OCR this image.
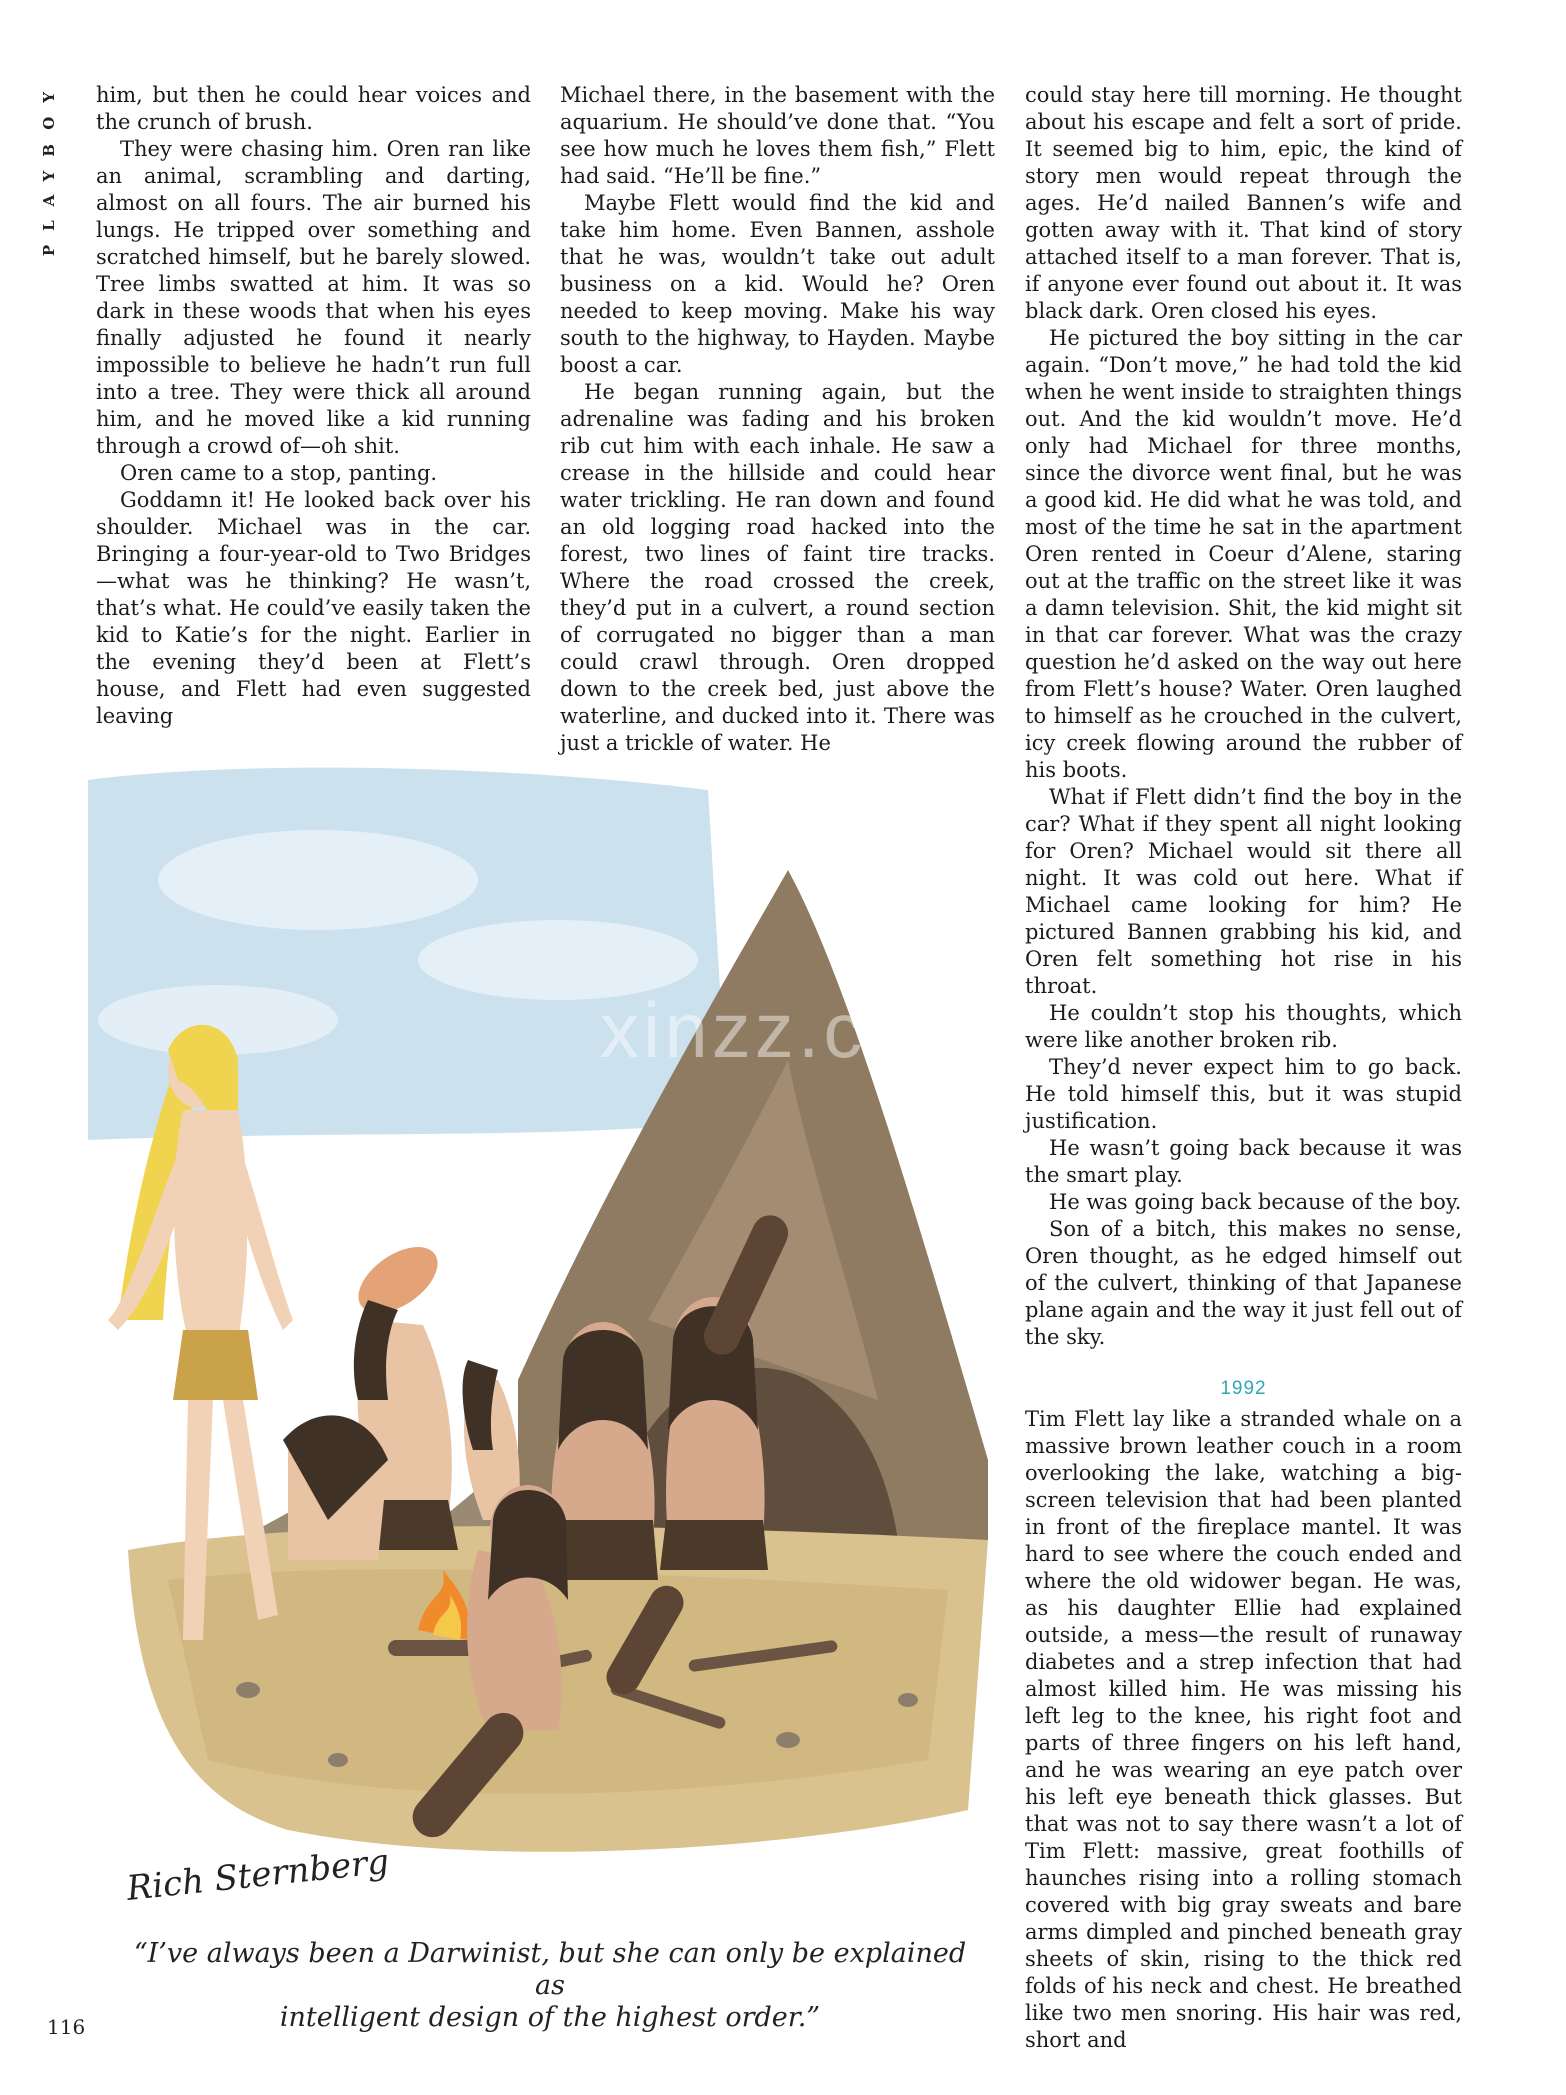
PLAYBOY him, but then he could hear voices and the crunch of brush.

They were chasing him. Oren ran like an animal, scrambling and darting, almost on all fours. The air burned his lungs. He tripped over something and scratched himself, but he barely slowed. Tree limbs swatted at him. It was so dark in these woods that when his eyes finally adjusted he found it nearly impossible to believe he hadn’t run full into a tree. They were thick all around him, and he moved like a kid running through a crowd of—oh shit.

Oren came to a stop, panting.

Goddamn it! He looked back over his shoulder. Michael was in the car. Bringing a four-year-old to Two Bridges—what was he thinking? He wasn’t, that’s what. He could’ve easily taken the kid to Katie’s for the night. Earlier in the evening they’d been at Flett’s house, and Flett had even suggested leaving

Michael there, in the basement with the aquarium. He should’ve done that. “You see how much he loves them fish,” Flett had said. “He’ll be fine.”

Maybe Flett would find the kid and take him home. Even Bannen, asshole that he was, wouldn’t take out adult business on a kid. Would he? Oren needed to keep moving. Make his way south to the highway, to Hayden. Maybe boost a car.

He began running again, but the adrenaline was fading and his broken rib cut him with each inhale. He saw a crease in the hillside and could hear water trickling. He ran down and found an old logging road hacked into the forest, two lines of faint tire tracks. Where the road crossed the creek, they’d put in a culvert, a round section of corrugated no bigger than a man could crawl through. Oren dropped down to the creek bed, just above the waterline, and ducked into it. There was just a trickle of water. He

could stay here till morning. He thought about his escape and felt a sort of pride. It seemed big to him, epic, the kind of story men would repeat through the ages. He’d nailed Bannen’s wife and gotten away with it. That kind of story attached itself to a man forever. That is, if anyone ever found out about it. It was black dark. Oren closed his eyes.

He pictured the boy sitting in the car again. “Don’t move,” he had told the kid when he went inside to straighten things out. And the kid wouldn’t move. He’d only had Michael for three months, since the divorce went final, but he was a good kid. He did what he was told, and most of the time he sat in the apartment Oren rented in Coeur d’Alene, staring out at the traffic on the street like it was a damn television. Shit, the kid might sit in that car forever. What was the crazy question he’d asked on the way out here from Flett’s house? Water. Oren laughed to himself as he crouched in the culvert, icy creek flowing around the rubber of his boots.

What if Flett didn’t find the boy in the car? What if they spent all night looking for Oren? Michael would sit there all night. It was cold out here. What if Michael came looking for him? He pictured Bannen grabbing his kid, and Oren felt something hot rise in his throat.

He couldn’t stop his thoughts, which were like another broken rib.

They’d never expect him to go back. He told himself this, but it was stupid justification.

He wasn’t going back because it was the smart play.

He was going back because of the boy.

Son of a bitch, this makes no sense, Oren thought, as he edged himself out of the culvert, thinking of that Japanese plane again and the way it just fell out of the sky.

1992

Tim Flett lay like a stranded whale on a massive brown leather couch in a room overlooking the lake, watching a big-screen television that had been planted in front of the fireplace mantel. It was hard to see where the couch ended and where the old widower began. He was, as his daughter Ellie had explained outside, a mess—the result of runaway diabetes and a strep infection that had almost killed him. He was missing his left leg to the knee, his right foot and parts of three fingers on his left hand, and he was wearing an eye patch over his left eye beneath thick glasses. But that was not to say there wasn’t a lot of Tim Flett: massive, great foothills of haunches rising into a rolling stomach covered with big gray sweats and bare arms dimpled and pinched beneath gray sheets of skin, rising to the thick red folds of his neck and chest. He breathed like two men snoring. His hair was red, short and

Rich Sternberg
xinzz.com
“I’ve always been a Darwinist, but she can only be explained as
intelligent design of the highest order.”
116
